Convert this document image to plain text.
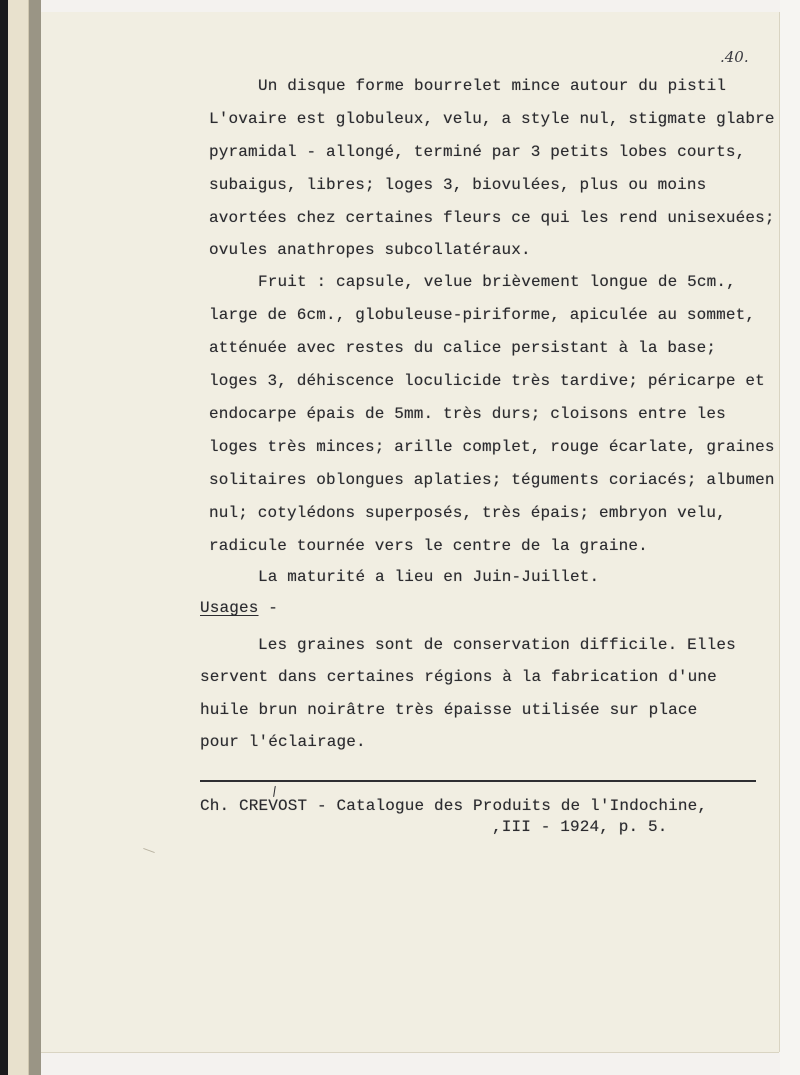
.40.

Un disque forme bourrelet mince autour du pistil

L'ovaire est globuleux, velu, a style nul, stigmate glabre

pyramidal - allongé, terminé par 3 petits lobes courts,

subaigus, libres; loges 3, biovulées, plus ou moins

avortées chez certaines fleurs ce qui les rend unisexuées;

ovules anathropes subcollatéraux.

Fruit : capsule, velue brièvement longue de 5cm.,

large de 6cm., globuleuse-piriforme, apiculée au sommet,

atténuée avec restes du calice persistant à la base;

loges 3, déhiscence loculicide très tardive; péricarpe et

endocarpe épais de 5mm. très durs; cloisons entre les

loges très minces; arille complet, rouge écarlate, graines

solitaires oblongues aplaties; téguments coriacés; albumen

nul; cotylédons superposés, très épais; embryon velu,

radicule tournée vers le centre de la graine.

La maturité a lieu en Juin-Juillet.

Usages -

Les graines sont de conservation difficile. Elles

servent dans certaines régions à la fabrication d'une

huile brun noirâtre très épaisse utilisée sur place

pour l'éclairage.

/

Ch. CREVOST - Catalogue des Produits de l'Indochine,

,III - 1924, p. 5.
